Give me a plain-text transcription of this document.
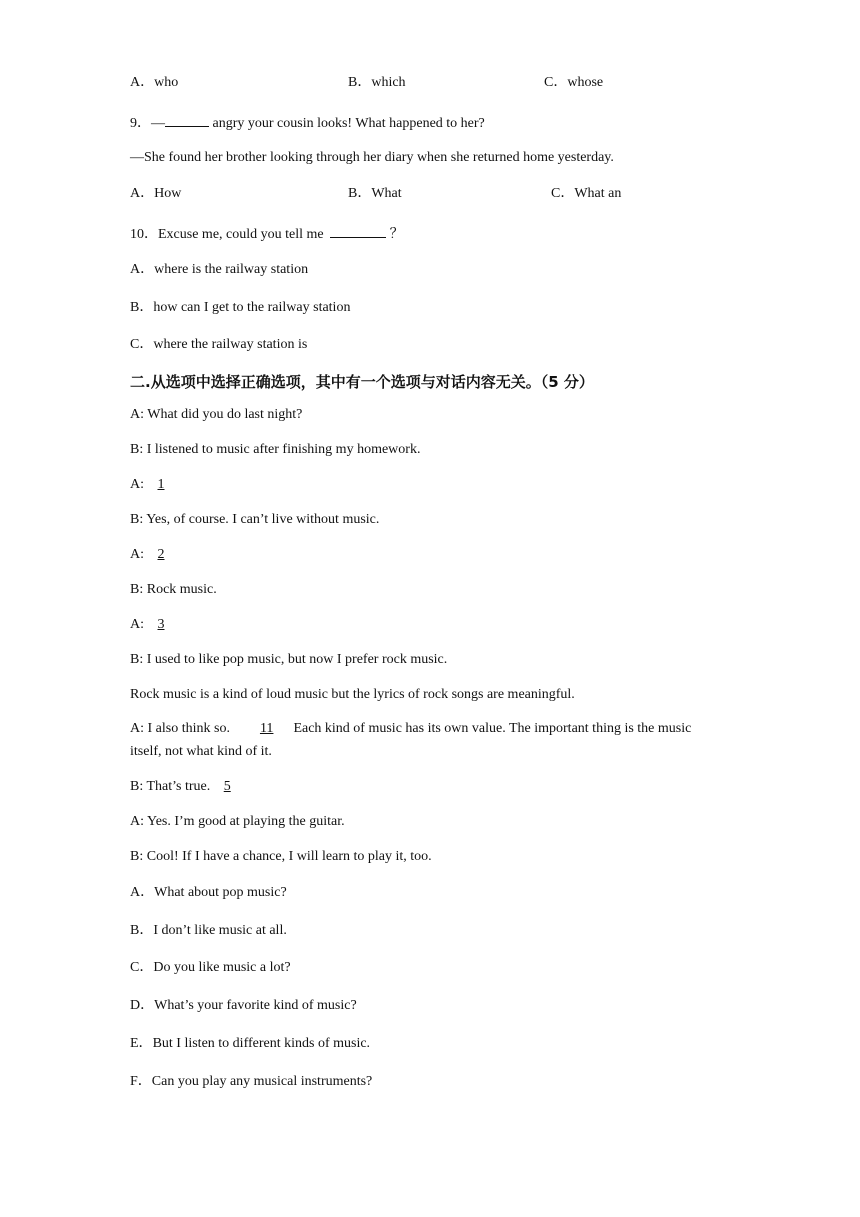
A．who	B．which	C．whose
9．—	angry your cousin looks! What happened to her?
—She found her brother looking through her diary when she returned home yesterday.
A．How	B．What	C．What an
10．Excuse me, could you tell me	？
A．where is the railway station
B．how can I get to the railway station
C．where the railway station is
二.从选项中选择正确选项，其中有一个选项与对话内容无关。（5 分）
A: What did you do last night?
B: I listened to music after finishing my homework.
A: 1
B: Yes, of course. I can’t live without music.
A: 2
B: Rock music.
A: 3
B: I used to like pop music, but now I prefer rock music.
Rock music is a kind of loud music but the lyrics of rock songs are meaningful.
A: I also think so. 11 Each kind of music has its own value. The important thing is the music itself, not what kind of it.
B: That’s true. 5
A: Yes. I’m good at playing the guitar.
B: Cool! If I have a chance, I will learn to play it, too.
A．What about pop music?
B．I don’t like music at all.
C．Do you like music a lot?
D．What’s your favorite kind of music?
E．But I listen to different kinds of music.
F．Can you play any musical instruments?
